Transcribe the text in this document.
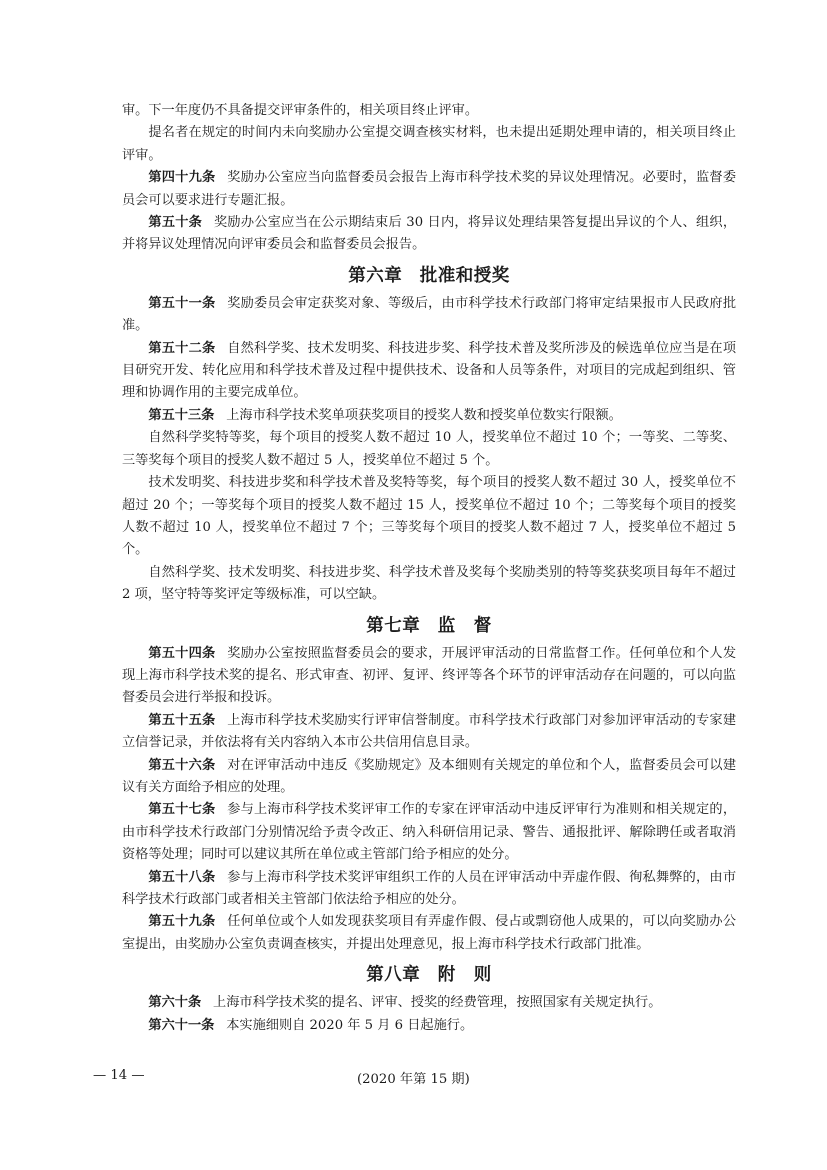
审。下一年度仍不具备提交评审条件的，相关项目终止评审。

提名者在规定的时间内未向奖励办公室提交调查核实材料，也未提出延期处理申请的，相关项目终止评审。

第四十九条 奖励办公室应当向监督委员会报告上海市科学技术奖的异议处理情况。必要时，监督委员会可以要求进行专题汇报。

第五十条 奖励办公室应当在公示期结束后 30 日内，将异议处理结果答复提出异议的个人、组织，并将异议处理情况向评审委员会和监督委员会报告。

第六章 批准和授奖

第五十一条 奖励委员会审定获奖对象、等级后，由市科学技术行政部门将审定结果报市人民政府批准。

第五十二条 自然科学奖、技术发明奖、科技进步奖、科学技术普及奖所涉及的候选单位应当是在项目研究开发、转化应用和科学技术普及过程中提供技术、设备和人员等条件，对项目的完成起到组织、管理和协调作用的主要完成单位。

第五十三条 上海市科学技术奖单项获奖项目的授奖人数和授奖单位数实行限额。

自然科学奖特等奖，每个项目的授奖人数不超过 10 人，授奖单位不超过 10 个；一等奖、二等奖、三等奖每个项目的授奖人数不超过 5 人，授奖单位不超过 5 个。

技术发明奖、科技进步奖和科学技术普及奖特等奖，每个项目的授奖人数不超过 30 人，授奖单位不超过 20 个；一等奖每个项目的授奖人数不超过 15 人，授奖单位不超过 10 个；二等奖每个项目的授奖人数不超过 10 人，授奖单位不超过 7 个；三等奖每个项目的授奖人数不超过 7 人，授奖单位不超过 5 个。

自然科学奖、技术发明奖、科技进步奖、科学技术普及奖每个奖励类别的特等奖获奖项目每年不超过 2 项，坚守特等奖评定等级标准，可以空缺。

第七章 监　督

第五十四条 奖励办公室按照监督委员会的要求，开展评审活动的日常监督工作。任何单位和个人发现上海市科学技术奖的提名、形式审查、初评、复评、终评等各个环节的评审活动存在问题的，可以向监督委员会进行举报和投诉。

第五十五条 上海市科学技术奖励实行评审信誉制度。市科学技术行政部门对参加评审活动的专家建立信誉记录，并依法将有关内容纳入本市公共信用信息目录。

第五十六条 对在评审活动中违反《奖励规定》及本细则有关规定的单位和个人，监督委员会可以建议有关方面给予相应的处理。

第五十七条 参与上海市科学技术奖评审工作的专家在评审活动中违反评审行为准则和相关规定的，由市科学技术行政部门分别情况给予责令改正、纳入科研信用记录、警告、通报批评、解除聘任或者取消资格等处理；同时可以建议其所在单位或主管部门给予相应的处分。

第五十八条 参与上海市科学技术奖评审组织工作的人员在评审活动中弄虚作假、徇私舞弊的，由市科学技术行政部门或者相关主管部门依法给予相应的处分。

第五十九条 任何单位或个人如发现获奖项目有弄虚作假、侵占或剽窃他人成果的，可以向奖励办公室提出，由奖励办公室负责调查核实，并提出处理意见，报上海市科学技术行政部门批准。

第八章 附　则

第六十条 上海市科学技术奖的提名、评审、授奖的经费管理，按照国家有关规定执行。

第六十一条 本实施细则自 2020 年 5 月 6 日起施行。

— 14 —	(2020 年第 15 期)
